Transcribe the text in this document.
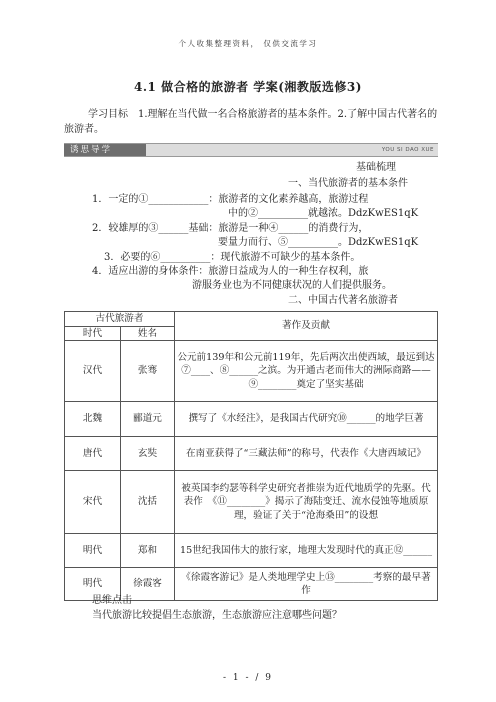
个人收集整理资料， 仅供交流学习
4.1 做合格的旅游者 学案(湘教版选修3)
学习目标　1.理解在当代做一名合格旅游者的基本条件。2.了解中国古代著名的旅游者。
诱思导学	YOU SI DAO XUE
基础梳理
一、当代旅游者的基本条件
1．一定的①____________：旅游者的文化素养越高，旅游过程
中的②__________就越浓。DdzKwES1qK
2．较雄厚的③______基础：旅游是一种④______的消费行为，
要量力而行、⑤__________。DdzKwES1qK
3．必要的⑥__________：现代旅游不可缺少的基本条件。
4．适应出游的身体条件：旅游日益成为人的一种生存权利，旅
游服务业也为不同健康状况的人们提供服务。
二、中国古代著名旅游者
古代旅游者		著作及贡献
时代	姓名	
汉代	张骞	公元前139年和公元前119年，先后两次出使西域，最远到达⑦____、⑧______之滨。为开通古老而伟大的洲际商路——⑨________奠定了坚实基础
北魏	郦道元	撰写了《水经注》，是我国古代研究⑩______的地学巨著
唐代	玄奘	在南亚获得了“三藏法师”的称号，代表作《大唐西域记》
宋代	沈括	被英国李约瑟等科学史研究者推崇为近代地质学的先驱。代表作　《⑪________》揭示了海陆变迁、流水侵蚀等地质原理，验证了关于“沧海桑田”的设想
明代	郑和	15世纪我国伟大的旅行家，地理大发现时代的真正⑫______
明代	徐霞客	《徐霞客游记》是人类地理学史上⑬________考察的最早著作
思维点击
当代旅游比较提倡生态旅游，生态旅游应注意哪些问题？
- 1 - / 9
